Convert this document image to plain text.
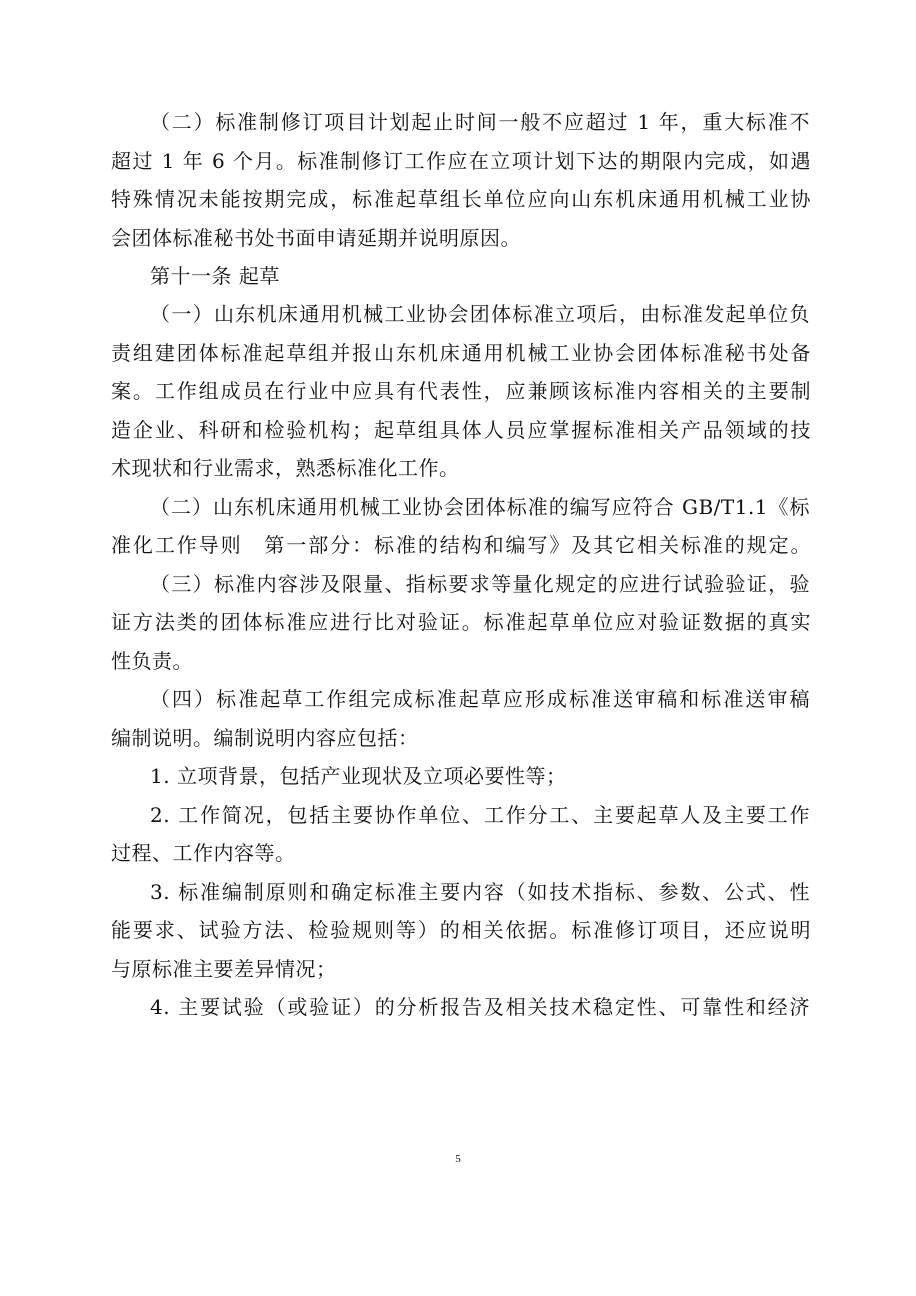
（二）标准制修订项目计划起止时间一般不应超过 1 年，重大标准不
超过 1 年 6 个月。标准制修订工作应在立项计划下达的期限内完成，如遇
特殊情况未能按期完成，标准起草组长单位应向山东机床通用机械工业协
会团体标准秘书处书面申请延期并说明原因。
第十一条 起草
（一）山东机床通用机械工业协会团体标准立项后，由标准发起单位负
责组建团体标准起草组并报山东机床通用机械工业协会团体标准秘书处备
案。工作组成员在行业中应具有代表性，应兼顾该标准内容相关的主要制
造企业、科研和检验机构；起草组具体人员应掌握标准相关产品领域的技
术现状和行业需求，熟悉标准化工作。
（二）山东机床通用机械工业协会团体标准的编写应符合 GB/T1.1《标
准化工作导则　第一部分：标准的结构和编写》及其它相关标准的规定。
（三）标准内容涉及限量、指标要求等量化规定的应进行试验验证，验
证方法类的团体标准应进行比对验证。标准起草单位应对验证数据的真实
性负责。
（四）标准起草工作组完成标准起草应形成标准送审稿和标准送审稿
编制说明。编制说明内容应包括：
1. 立项背景，包括产业现状及立项必要性等；
2. 工作简况，包括主要协作单位、工作分工、主要起草人及主要工作
过程、工作内容等。
3. 标准编制原则和确定标准主要内容（如技术指标、参数、公式、性
能要求、试验方法、检验规则等）的相关依据。标准修订项目，还应说明
与原标准主要差异情况；
4. 主要试验（或验证）的分析报告及相关技术稳定性、可靠性和经济
5
